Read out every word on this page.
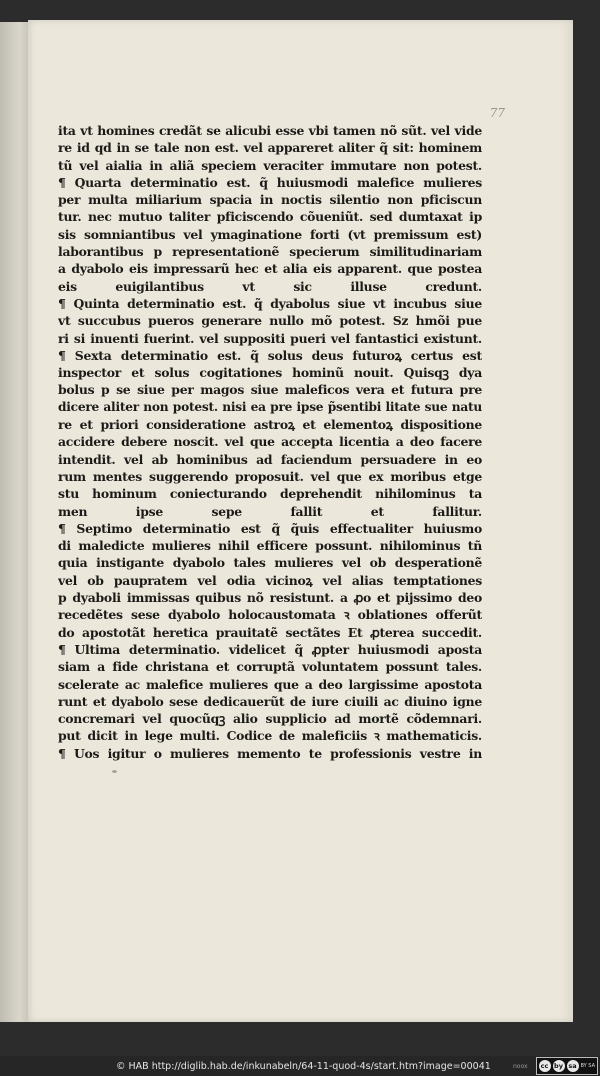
77
ita vt homines credãt se alicubi esse vbi tamen nõ sũt. vel vide
re id qd in se tale non est. vel appareret aliter q̃ sit: hominem
tũ vel aialia in aliã speciem veraciter immutare non potest.
¶ Quarta determinatio est. q̃ huiusmodi malefice mulieres
per multa miliarium spacia in noctis silentio non pficiscun
tur. nec mutuo taliter pficiscendo cõueniũt. sed dumtaxat ip
sis somniantibus vel ymaginatione forti (vt premissum est)
laborantibus p representationẽ specierum similitudinariam
a dyabolo eis impressarũ hec et alia eis apparent. que postea
eis euigilantibus vt sic illuse credunt.
¶ Quinta determinatio est. q̃ dyabolus siue vt incubus siue
vt succubus pueros generare nullo mõ potest. Sz hmõi pue
ri si inuenti fuerint. vel suppositi pueri vel fantastici existunt.
¶ Sexta determinatio est. q̃ solus deus futuroꝝ certus est
inspector et solus cogitationes hominũ nouit. Quisqꝫ dya
bolus p se siue per magos siue maleficos vera et futura pre
dicere aliter non potest. nisi ea pre ipse p̃sentibi litate sue natu
re et priori consideratione astroꝝ et elementoꝝ dispositione
accidere debere noscit. vel que accepta licentia a deo facere
intendit. vel ab hominibus ad faciendum persuadere in eo
rum mentes suggerendo proposuit. vel que ex moribus etge
stu hominum coniecturando deprehendit nihilominus ta
men ipse sepe fallit et fallitur.
¶ Septimo determinatio est q̃ q̃uis effectualiter huiusmo
di maledicte mulieres nihil efficere possunt. nihilominus tñ
quia instigante dyabolo tales mulieres vel ob desperationẽ
vel ob paupratem vel odia vicinoꝝ vel alias temptationes
p dyaboli immissas quibus nõ resistunt. a ꝓo et pijssimo deo
recedẽtes sese dyabolo holocaustomata ꝛ oblationes offerũt
do apostotãt heretica prauitatẽ sectãtes Et ꝓterea succedit.
¶ Ultima determinatio. videlicet q̃ ꝓpter huiusmodi aposta
siam a fide christana et corruptã voluntatem possunt tales.
scelerate ac malefice mulieres que a deo largissime apostota
runt et dyabolo sese dedicauerũt de iure ciuili ac diuino igne
concremari vel quocũqꝫ alio supplicio ad mortẽ cõdemnari.
put dicit in lege multi. Codice de maleficiis ꝛ mathematicis.
¶ Uos igitur o mulieres memento te professionis vestre in
© HAB http://diglib.hab.de/inkunabeln/64-11-quod-4s/start.htm?image=00041	noox	cc by sa BY SA
